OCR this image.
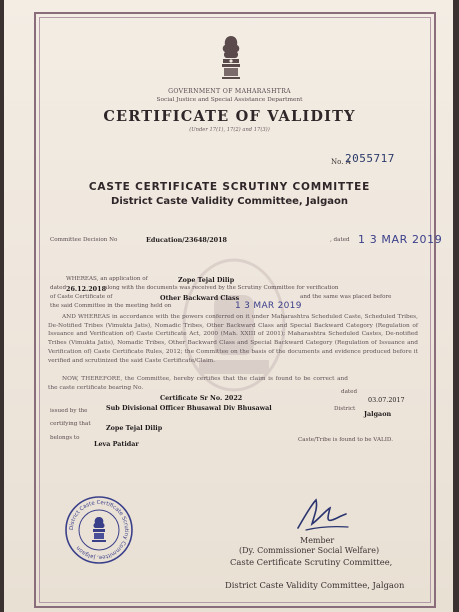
GOVERNMENT OF MAHARASHTRA
Social Justice and Special Assistance Department
CERTIFICATE OF VALIDITY
(Under 17(1), 17(2) and 17(3))
No. A
2055717
CASTE CERTIFICATE SCRUTINY COMMITTEE
District Caste Validity Committee, Jalgaon
Committee Decision No	Education/23648/2018	, dated 1 3 MAR 2019
WHEREAS, an application of	Zope Tejal Dilip
dated 26.12.2018
along with the documents was received by the Scrutiny Committee for verification
of Caste Certificate of	Other Backward Class	and the same was placed before
the said Committee in the meeting held on	1 3 MAR 2019
AND WHEREAS in accordance with the powers conferred on it under Maharashtra Scheduled Caste, Scheduled Tribes, De-Notified Tribes (Vimukta Jatis), Nomadic Tribes, Other Backward Class and Special Backward Category (Regulation of Issuance and Verification of) Caste Certificate Act, 2000 (Mah. XXIII of 2001); Maharashtra Scheduled Castes, De-notified Tribes (Vimukta Jatis), Nomadic Tribes, Other Backward Class and Special Backward Category (Regulation of Issuance and Verification of) Caste Certificate Rules, 2012; the Committee on the basis of the documents and evidence produced before it verified and scrutinized the said Caste Certificate/Claim.
NOW, THEREFORE, the Committee, hereby certifies that the claim is found to be correct and the caste certificate bearing No.
Certificate Sr No. 2022
dated
03.07.2017
issued by the	Sub Divisional Officer Bhusawal Div Bhusawal	District
Jalgaon
certifying that Zope Tejal Dilip
belongs to
Leva Patidar	Caste/Tribe is found to be VALID.
District Caste Certificate Scrutiny Committee, Jalgaon
Member
(Dy. Commissioner Social Welfare)
Caste Certificate Scrutiny Committee,
District Caste Validity Committee, Jalgaon
